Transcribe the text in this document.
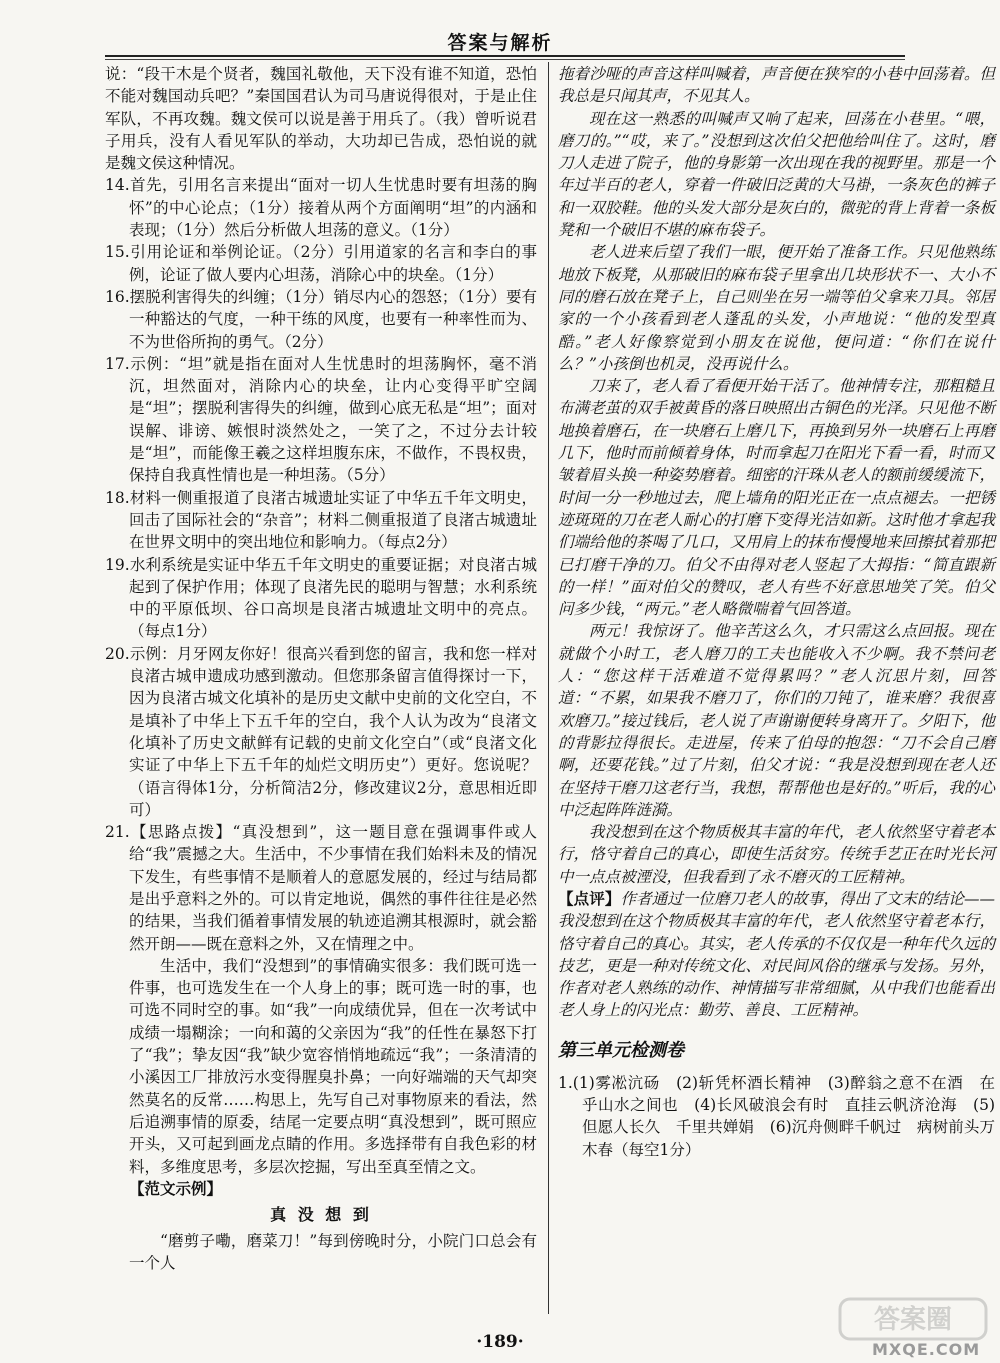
答案与解析

说：“段干木是个贤者，魏国礼敬他，天下没有谁不知道，恐怕不能对魏国动兵吧？”秦国国君认为司马唐说得很对，于是止住军队，不再攻魏。魏文侯可以说是善于用兵了。（我）曾听说君子用兵，没有人看见军队的举动，大功却已告成，恐怕说的就是魏文侯这种情况。

14.首先，引用名言来提出“面对一切人生忧患时要有坦荡的胸怀”的中心论点；（1分）接着从两个方面阐明“坦”的内涵和表现；（1分）然后分析做人坦荡的意义。（1分）

15.引用论证和举例论证。（2分）引用道家的名言和李白的事例，论证了做人要内心坦荡，消除心中的块垒。（1分）

16.摆脱利害得失的纠缠；（1分）销尽内心的怨怒；（1分）要有一种豁达的气度，一种干练的风度，也要有一种率性而为、不为世俗所拘的勇气。（2分）

17.示例：“坦”就是指在面对人生忧患时的坦荡胸怀，毫不消沉，坦然面对，消除内心的块垒，让内心变得平旷空阔是“坦”；摆脱利害得失的纠缠，做到心底无私是“坦”；面对误解、诽谤、嫉恨时淡然处之，一笑了之，不过分去计较是“坦”，而能像王羲之这样坦腹东床，不做作，不畏权贵，保持自我真性情也是一种坦荡。（5分）

18.材料一侧重报道了良渚古城遗址实证了中华五千年文明史，回击了国际社会的“杂音”；材料二侧重报道了良渚古城遗址在世界文明中的突出地位和影响力。（每点2分）

19.水利系统是实证中华五千年文明史的重要证据；对良渚古城起到了保护作用；体现了良渚先民的聪明与智慧；水利系统中的平原低坝、谷口高坝是良渚古城遗址文明中的亮点。（每点1分）

20.示例：月牙网友你好！很高兴看到您的留言，我和您一样对良渚古城申遗成功感到激动。但您那条留言值得探讨一下，因为良渚古城文化填补的是历史文献中史前的文化空白，不是填补了中华上下五千年的空白，我个人认为改为“良渚文化填补了历史文献鲜有记载的史前文化空白”（或“良渚文化实证了中华上下五千年的灿烂文明历史”）更好。您说呢？（语言得体1分，分析简洁2分，修改建议2分，意思相近即可）

21.【思路点拨】“真没想到”，这一题目意在强调事件或人给“我”震撼之大。生活中，不少事情在我们始料未及的情况下发生，有些事情不是顺着人的意愿发展的，经过与结局都是出乎意料之外的。可以肯定地说，偶然的事件往往是必然的结果，当我们循着事情发展的轨迹追溯其根源时，就会豁然开朗——既在意料之外，又在情理之中。

生活中，我们“没想到”的事情确实很多：我们既可选一件事，也可选发生在一个人身上的事；既可选一时的事，也可选不同时空的事。如“我”一向成绩优异，但在一次考试中成绩一塌糊涂；一向和蔼的父亲因为“我”的任性在暴怒下打了“我”；挚友因“我”缺少宽容悄悄地疏远“我”；一条清清的小溪因工厂排放污水变得腥臭扑鼻；一向好端端的天气却突然莫名的反常……构思上，先写自己对事物原来的看法，然后追溯事情的原委，结尾一定要点明“真没想到”，既可照应开头，又可起到画龙点睛的作用。多选择带有自我色彩的材料，多维度思考，多层次挖掘，写出至真至情之文。

【范文示例】

真 没 想 到

“磨剪子嘞，磨菜刀！”每到傍晚时分，小院门口总会有一个人

拖着沙哑的声音这样叫喊着，声音便在狭窄的小巷中回荡着。但我总是只闻其声，不见其人。

现在这一熟悉的叫喊声又响了起来，回荡在小巷里。“喂，磨刀的。”“哎，来了。”没想到这次伯父把他给叫住了。这时，磨刀人走进了院子，他的身影第一次出现在我的视野里。那是一个年过半百的老人，穿着一件破旧泛黄的大马褂，一条灰色的裤子和一双胶鞋。他的头发大部分是灰白的，微驼的背上背着一条板凳和一个破旧不堪的麻布袋子。

老人进来后望了我们一眼，便开始了准备工作。只见他熟练地放下板凳，从那破旧的麻布袋子里拿出几块形状不一、大小不同的磨石放在凳子上，自己则坐在另一端等伯父拿来刀具。邻居家的一个小孩看到老人蓬乱的头发，小声地说：“他的发型真酷。”老人好像察觉到小朋友在说他，便问道：“你们在说什么？”小孩倒也机灵，没再说什么。

刀来了，老人看了看便开始干活了。他神情专注，那粗糙且布满老茧的双手被黄昏的落日映照出古铜色的光泽。只见他不断地换着磨石，在一块磨石上磨几下，再换到另外一块磨石上再磨几下，他时而前倾着身体，时而拿起刀在阳光下看一看，时而又皱着眉头换一种姿势磨着。细密的汗珠从老人的额前缓缓流下，时间一分一秒地过去，爬上墙角的阳光正在一点点褪去。一把锈迹斑斑的刀在老人耐心的打磨下变得光洁如新。这时他才拿起我们端给他的茶喝了几口，又用肩上的抹布慢慢地来回擦拭着那把已打磨干净的刀。伯父不由得对老人竖起了大拇指：“简直跟新的一样！”面对伯父的赞叹，老人有些不好意思地笑了笑。伯父问多少钱，“两元。”老人略微喘着气回答道。

两元！我惊讶了。他辛苦这么久，才只需这么点回报。现在就做个小时工，老人磨刀的工夫也能收入不少啊。我不禁问老人：“您这样干活难道不觉得累吗？”老人沉思片刻，回答道：“不累，如果我不磨刀了，你们的刀钝了，谁来磨？我很喜欢磨刀。”接过钱后，老人说了声谢谢便转身离开了。夕阳下，他的背影拉得很长。走进屋，传来了伯母的抱怨：“刀不会自己磨啊，还要花钱。”过了片刻，伯父才说：“我是没想到现在老人还在坚持干磨刀这老行当，我想，帮帮他也是好的。”听后，我的心中泛起阵阵涟漪。

我没想到在这个物质极其丰富的年代，老人依然坚守着老本行，恪守着自己的真心，即使生活贫穷。传统手艺正在时光长河中一点点被湮没，但我看到了永不磨灭的工匠精神。

【点评】作者通过一位磨刀老人的故事，得出了文末的结论——我没想到在这个物质极其丰富的年代，老人依然坚守着老本行，恪守着自己的真心。其实，老人传承的不仅仅是一种年代久远的技艺，更是一种对传统文化、对民间风俗的继承与发扬。另外，作者对老人熟练的动作、神情描写非常细腻，从中我们也能看出老人身上的闪光点：勤劳、善良、工匠精神。

第三单元检测卷

1.(1)雾凇沆砀　(2)斩凭杯酒长精神　(3)醉翁之意不在酒　在乎山水之间也　(4)长风破浪会有时　直挂云帆济沧海　(5)但愿人长久　千里共婵娟　(6)沉舟侧畔千帆过　病树前头万木春（每空1分）

·189·
答案圈
MXQE.COM
